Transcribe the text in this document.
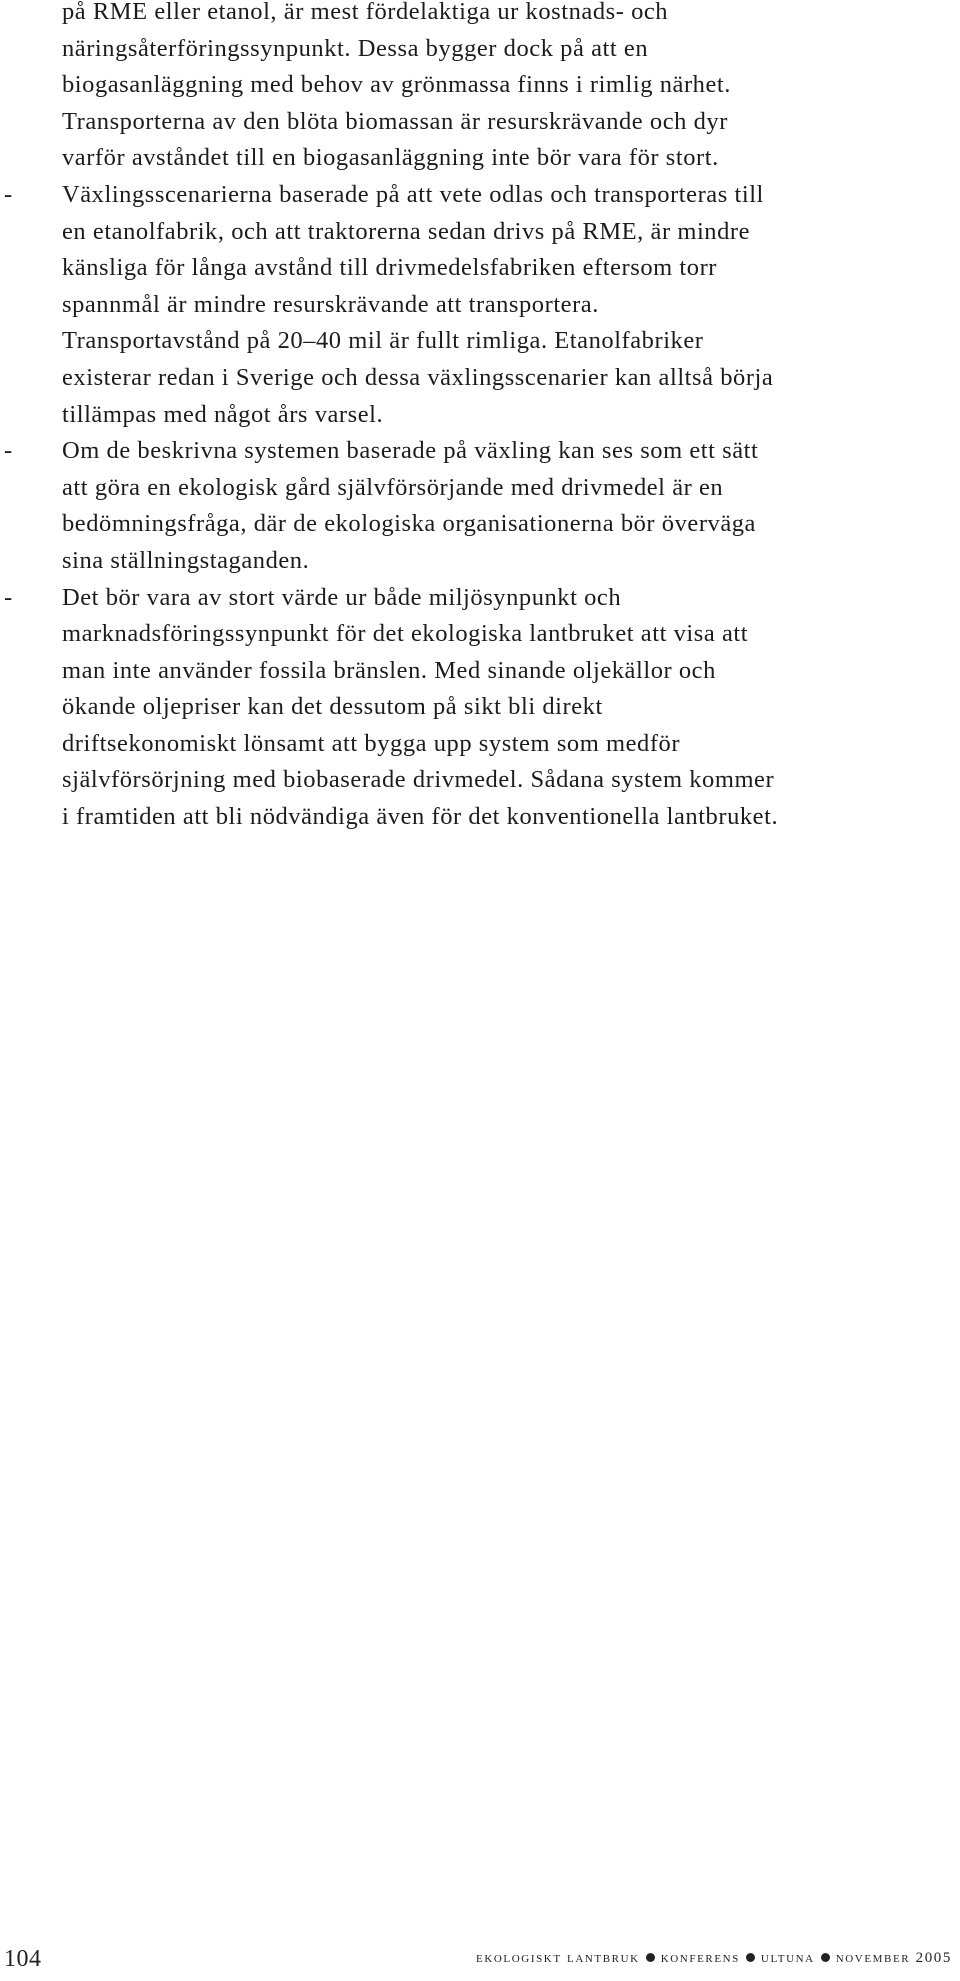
på RME eller etanol, är mest fördelaktiga ur kostnads- och näringsåterföringssynpunkt. Dessa bygger dock på att en biogasanläggning med behov av grönmassa finns i rimlig närhet. Transporterna av den blöta biomassan är resurskrävande och dyr varför avståndet till en biogasanläggning inte bör vara för stort.

-	Växlingsscenarierna baserade på att vete odlas och transporteras till en etanolfabrik, och att traktorerna sedan drivs på RME, är mindre känsliga för långa avstånd till drivmedelsfabriken eftersom torr spannmål är mindre resurskrävande att transportera. Transportavstånd på 20–40 mil är fullt rimliga. Etanolfabriker existerar redan i Sverige och dessa växlingsscenarier kan alltså börja tillämpas med något års varsel.

-	Om de beskrivna systemen baserade på växling kan ses som ett sätt att göra en ekologisk gård självförsörjande med drivmedel är en bedömningsfråga, där de ekologiska organisationerna bör överväga sina ställningstaganden.

-	Det bör vara av stort värde ur både miljösynpunkt och marknadsföringssynpunkt för det ekologiska lantbruket att visa att man inte använder fossila bränslen. Med sinande oljekällor och ökande oljepriser kan det dessutom på sikt bli direkt driftsekonomiskt lönsamt att bygga upp system som medför självförsörjning med biobaserade drivmedel. Sådana system kommer i framtiden att bli nödvändiga även för det konventionella lantbruket.

104	ekologiskt lantbruk konferens ultuna november 2005
